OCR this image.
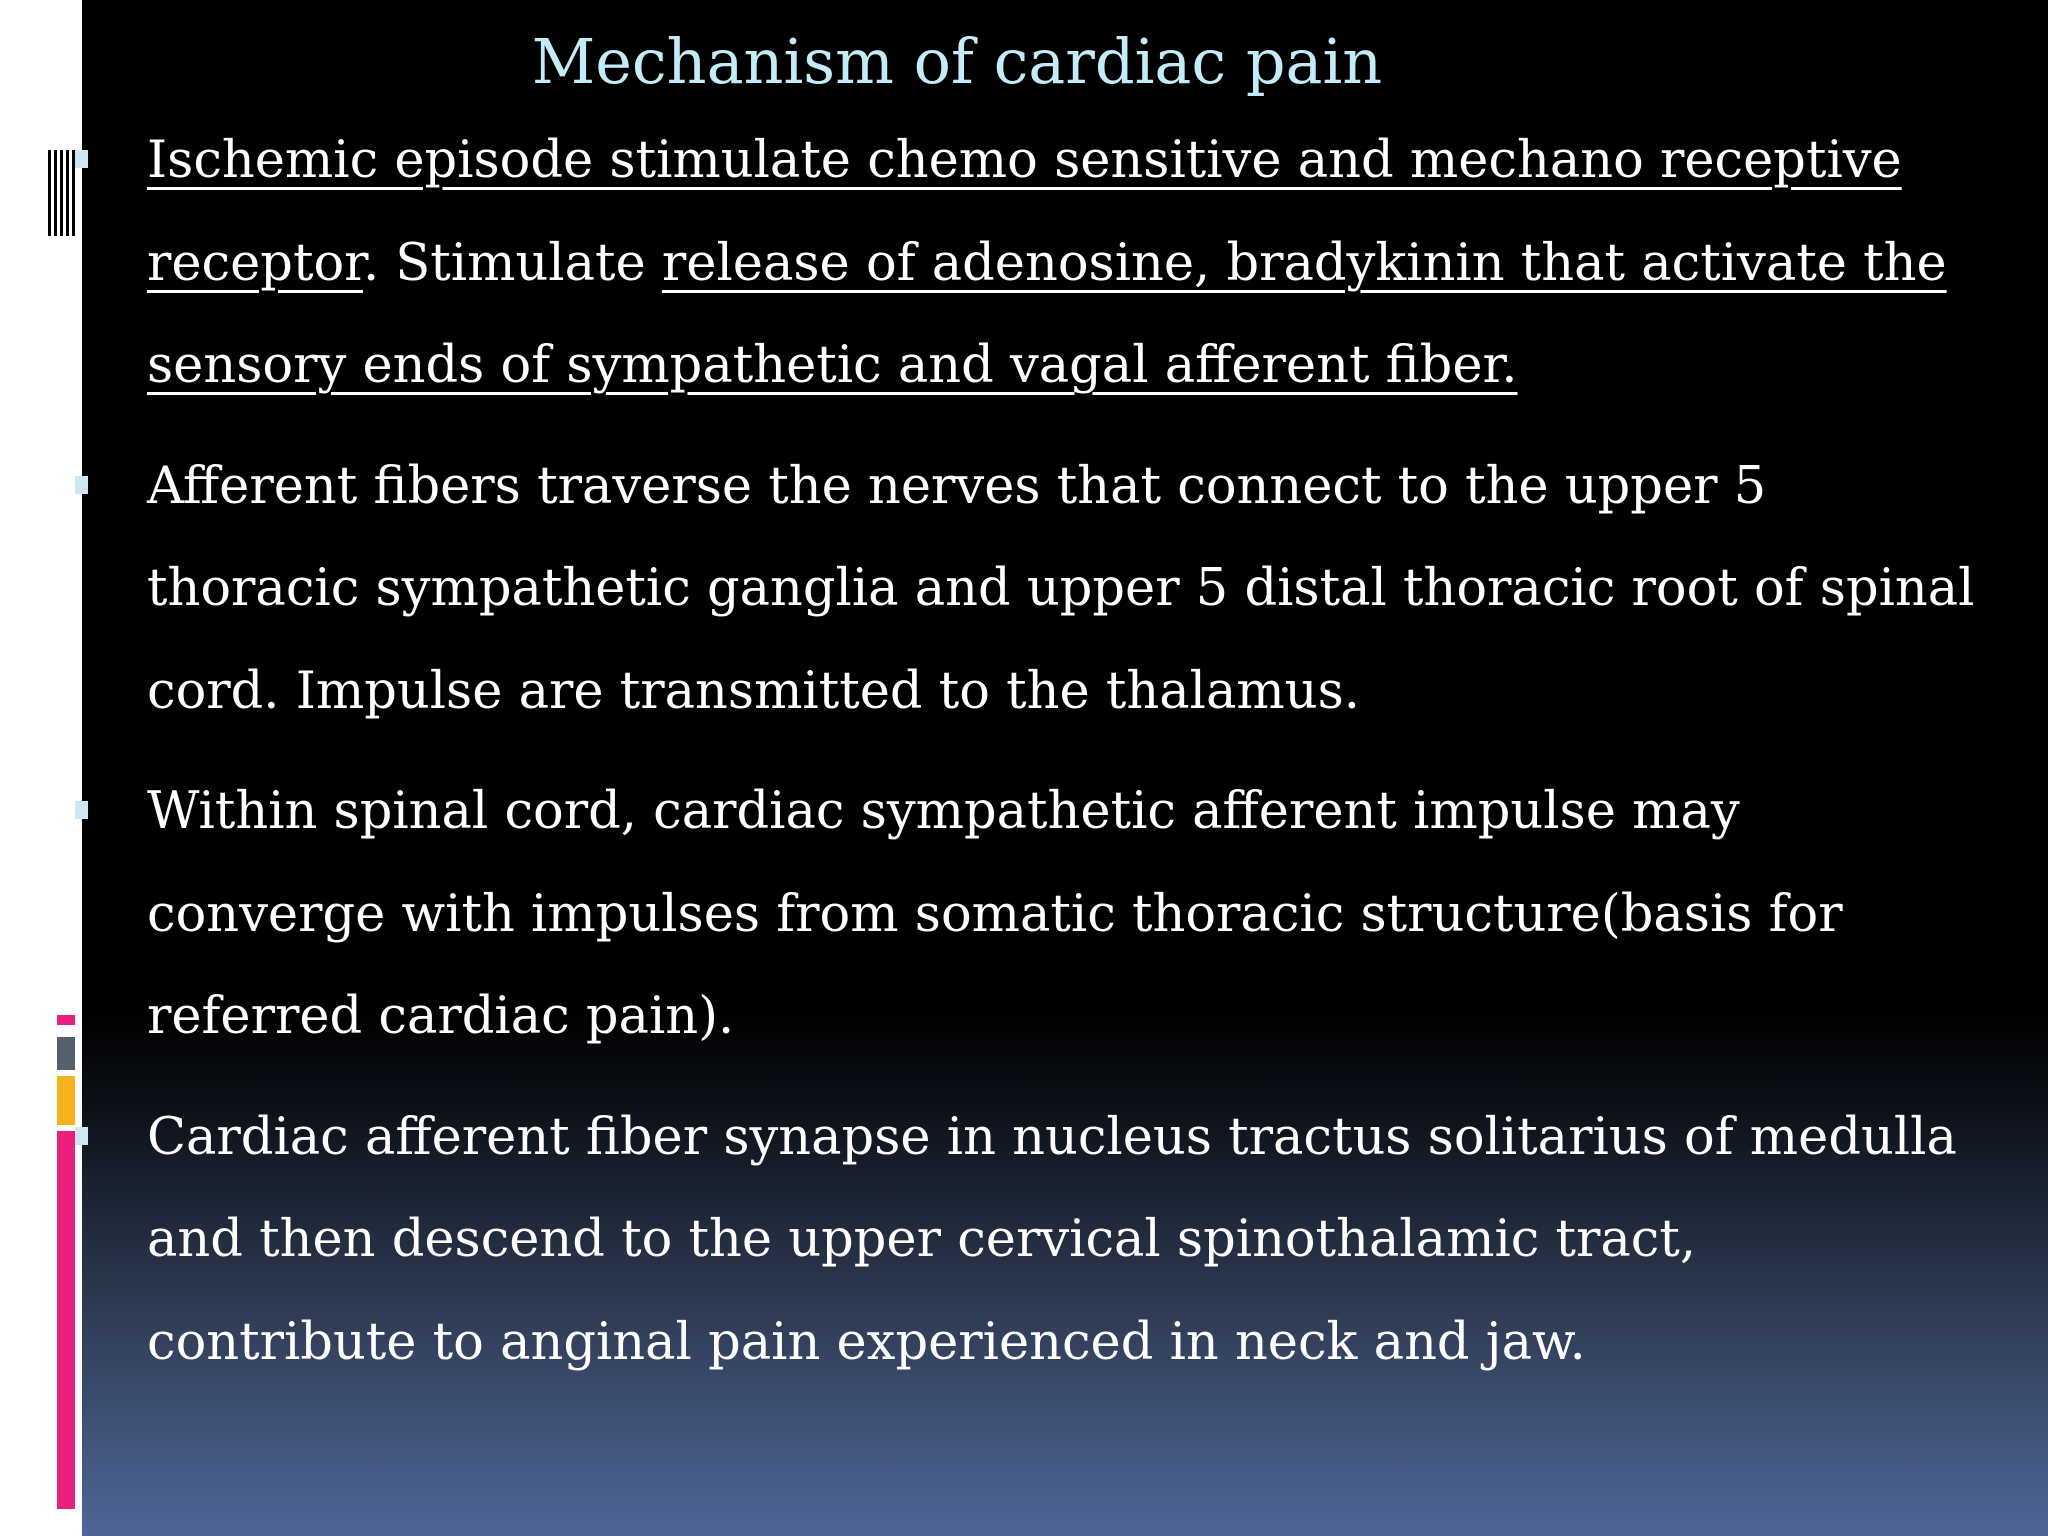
Mechanism of cardiac pain
Ischemic episode stimulate chemo sensitive and mechano receptive receptor. Stimulate release of adenosine, bradykinin that activate the sensory ends of sympathetic and vagal afferent fiber.
Afferent fibers traverse the nerves that connect to the upper 5 thoracic sympathetic ganglia and upper 5 distal thoracic root of spinal cord. Impulse are transmitted to the thalamus.
Within spinal cord, cardiac sympathetic afferent impulse may converge with impulses from somatic thoracic structure(basis for referred cardiac pain).
Cardiac afferent fiber synapse in nucleus tractus solitarius of medulla and then descend to the upper cervical spinothalamic tract, contribute to anginal pain experienced in neck and jaw.
